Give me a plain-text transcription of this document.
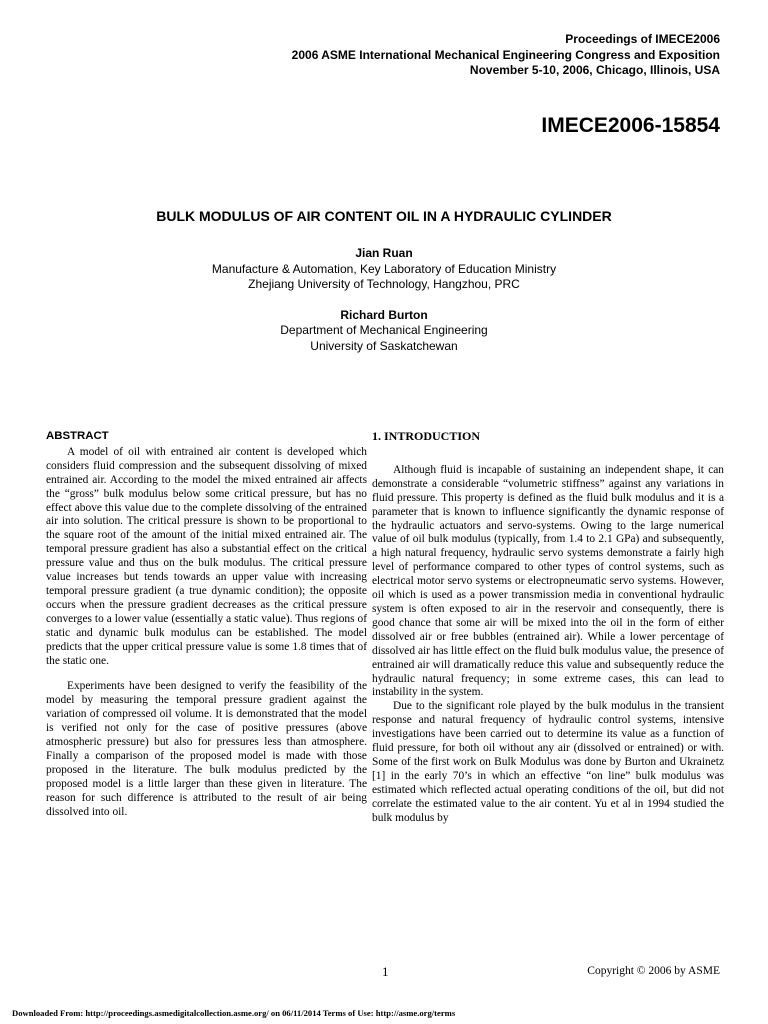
Proceedings of IMECE2006
2006 ASME International Mechanical Engineering Congress and Exposition
November 5-10, 2006, Chicago, Illinois, USA
IMECE2006-15854
BULK MODULUS OF AIR CONTENT OIL IN A HYDRAULIC CYLINDER
Jian Ruan
Manufacture & Automation, Key Laboratory of Education Ministry
Zhejiang University of Technology, Hangzhou, PRC
Richard Burton
Department of Mechanical Engineering
University of Saskatchewan
ABSTRACT

A model of oil with entrained air content is developed which considers fluid compression and the subsequent dissolving of mixed entrained air. According to the model the mixed entrained air affects the “gross” bulk modulus below some critical pressure, but has no effect above this value due to the complete dissolving of the entrained air into solution. The critical pressure is shown to be proportional to the square root of the amount of the initial mixed entrained air. The temporal pressure gradient has also a substantial effect on the critical pressure value and thus on the bulk modulus. The critical pressure value increases but tends towards an upper value with increasing temporal pressure gradient (a true dynamic condition); the opposite occurs when the pressure gradient decreases as the critical pressure converges to a lower value (essentially a static value). Thus regions of static and dynamic bulk modulus can be established. The model predicts that the upper critical pressure value is some 1.8 times that of the static one.

Experiments have been designed to verify the feasibility of the model by measuring the temporal pressure gradient against the variation of compressed oil volume. It is demonstrated that the model is verified not only for the case of positive pressures (above atmospheric pressure) but also for pressures less than atmosphere. Finally a comparison of the proposed model is made with those proposed in the literature. The bulk modulus predicted by the proposed model is a little larger than these given in literature. The reason for such difference is attributed to the result of air being dissolved into oil.

1. INTRODUCTION

Although fluid is incapable of sustaining an independent shape, it can demonstrate a considerable “volumetric stiffness” against any variations in fluid pressure. This property is defined as the fluid bulk modulus and it is a parameter that is known to influence significantly the dynamic response of the hydraulic actuators and servo-systems. Owing to the large numerical value of oil bulk modulus (typically, from 1.4 to 2.1 GPa) and subsequently, a high natural frequency, hydraulic servo systems demonstrate a fairly high level of performance compared to other types of control systems, such as electrical motor servo systems or electropneumatic servo systems. However, oil which is used as a power transmission media in conventional hydraulic system is often exposed to air in the reservoir and consequently, there is good chance that some air will be mixed into the oil in the form of either dissolved air or free bubbles (entrained air). While a lower percentage of dissolved air has little effect on the fluid bulk modulus value, the presence of entrained air will dramatically reduce this value and subsequently reduce the hydraulic natural frequency; in some extreme cases, this can lead to instability in the system.

Due to the significant role played by the bulk modulus in the transient response and natural frequency of hydraulic control systems, intensive investigations have been carried out to determine its value as a function of fluid pressure, for both oil without any air (dissolved or entrained) or with. Some of the first work on Bulk Modulus was done by Burton and Ukrainetz [1] in the early 70’s in which an effective “on line” bulk modulus was estimated which reflected actual operating conditions of the oil, but did not correlate the estimated value to the air content. Yu et al in 1994 studied the bulk modulus by

1	Copyright © 2006 by ASME
Downloaded From: http://proceedings.asmedigitalcollection.asme.org/ on 06/11/2014 Terms of Use: http://asme.org/terms
